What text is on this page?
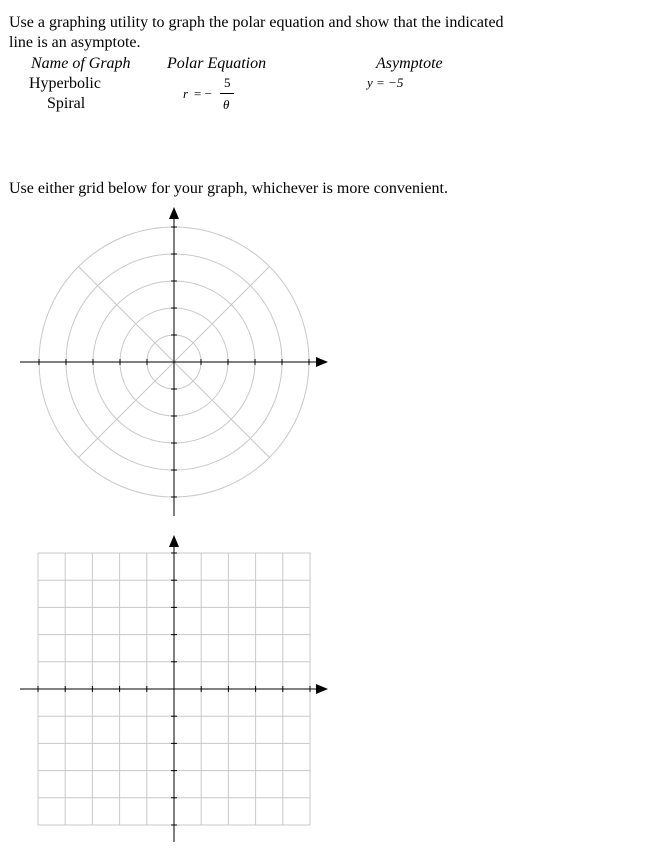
Use a graphing utility to graph the polar equation and show that the indicated
line is an asymptote.
Name of Graph Polar Equation	Asymptote
Hyperbolic
Spiral
r = −
5
θ
y = −5
Use either grid below for your graph, whichever is more convenient.
